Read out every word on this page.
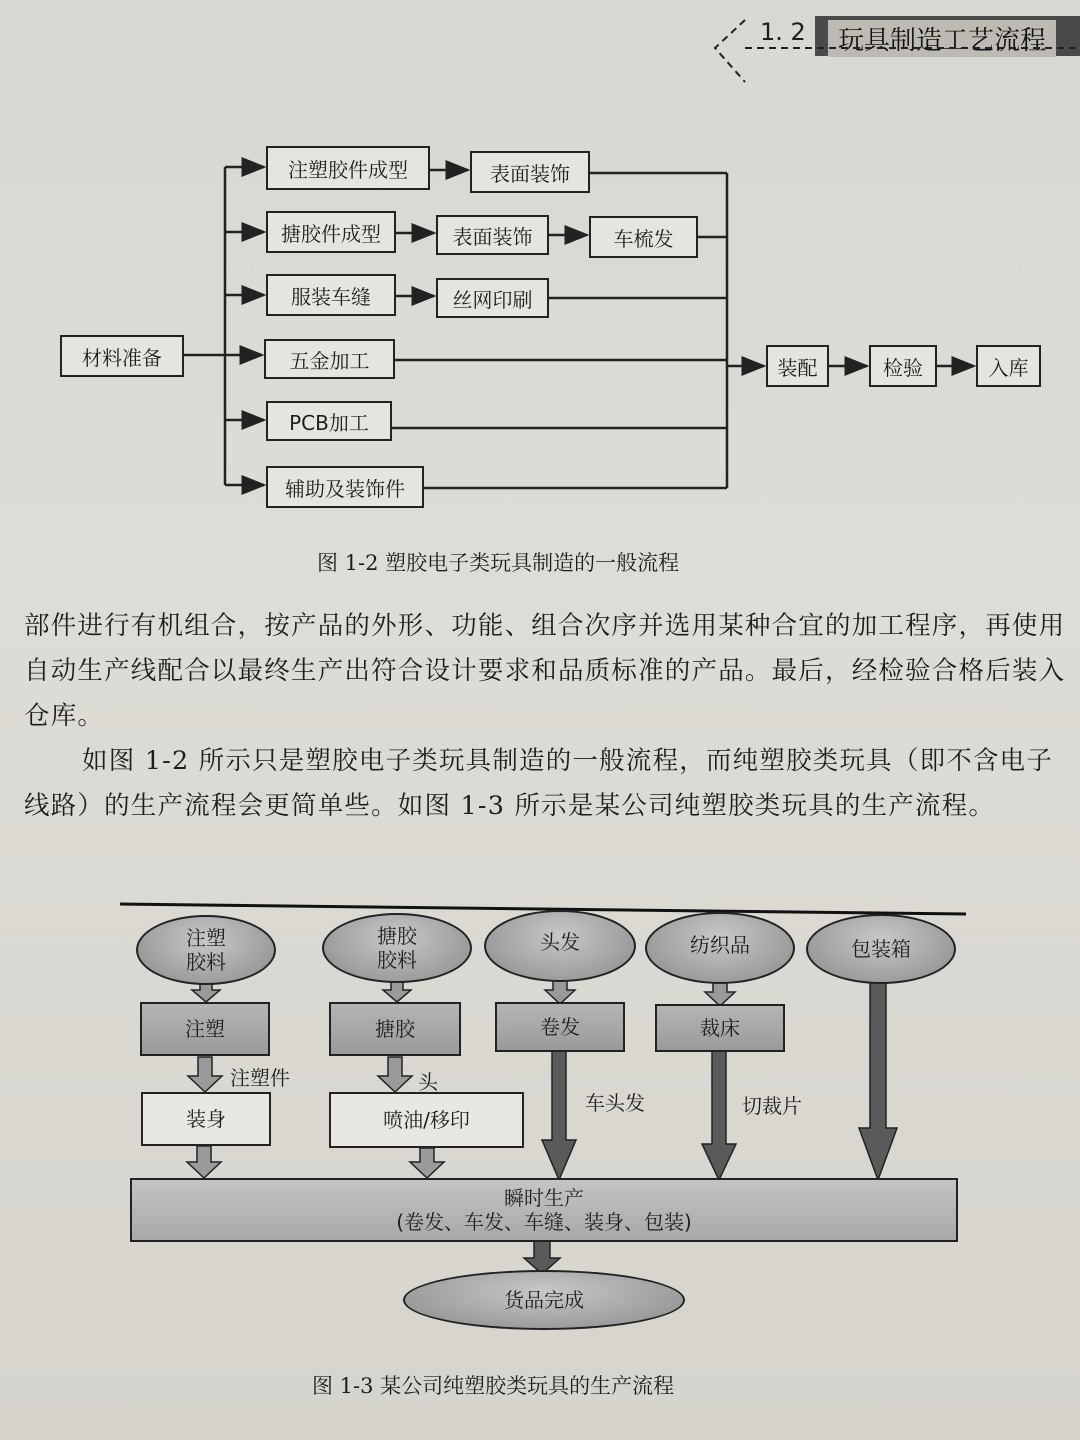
1. 2	玩具制造工艺流程
材料准备
注塑胶件成型	表面装饰
搪胶件成型	表面装饰	车梳发
服装车缝	丝网印刷
五金加工
PCB加工
辅助及装饰件
装配	检验	入库
图 1-2 塑胶电子类玩具制造的一般流程

部件进行有机组合，按产品的外形、功能、组合次序并选用某种合宜的加工程序，再使用自动生产线配合以最终生产出符合设计要求和品质标准的产品。最后，经检验合格后装入仓库。

如图 1-2 所示只是塑胶电子类玩具制造的一般流程，而纯塑胶类玩具（即不含电子线路）的生产流程会更简单些。如图 1-3 所示是某公司纯塑胶类玩具的生产流程。

注塑
胶料
搪胶
胶料
头发	纺织品	包装箱
注塑	搪胶	卷发	裁床
装身	喷油/移印
注塑件	头
车头发	切裁片
瞬时生产
(卷发、车发、车缝、装身、包装)
货品完成
图 1-3 某公司纯塑胶类玩具的生产流程
